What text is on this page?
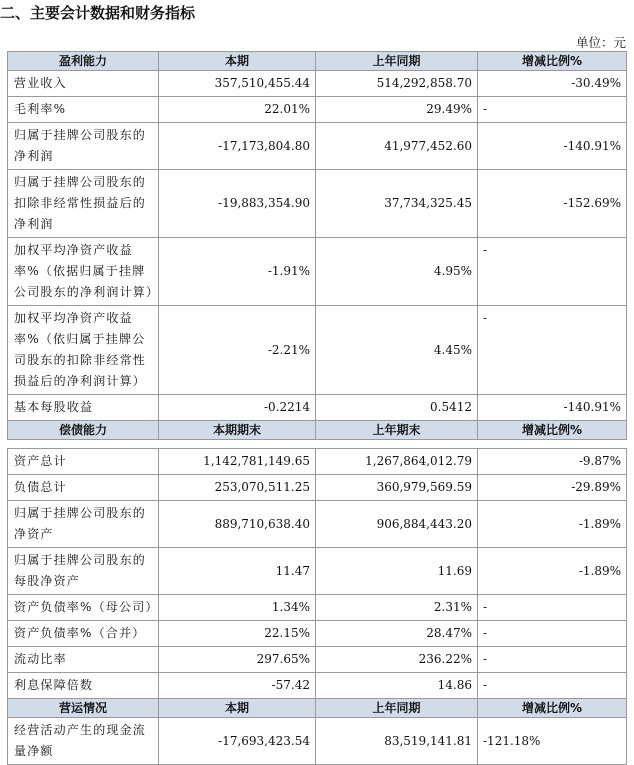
二、主要会计数据和财务指标
单位：元
盈利能力	本期	上年同期	增减比例%
营业收入	357,510,455.44	514,292,858.70	-30.49%
毛利率%	22.01%	29.49%	-
归属于挂牌公司股东的净利润	-17,173,804.80	41,977,452.60	-140.91%
归属于挂牌公司股东的扣除非经常性损益后的净利润	-19,883,354.90	37,734,325.45	-152.69%
加权平均净资产收益率%（依据归属于挂牌公司股东的净利润计算）	-1.91%	4.95%	-
加权平均净资产收益率%（依归属于挂牌公司股东的扣除非经常性损益后的净利润计算）	-2.21%	4.45%	-
基本每股收益	-0.2214	0.5412	-140.91%
偿债能力	本期期末	上年期末	增减比例%

资产总计	1,142,781,149.65	1,267,864,012.79	-9.87%
负债总计	253,070,511.25	360,979,569.59	-29.89%
归属于挂牌公司股东的净资产	889,710,638.40	906,884,443.20	-1.89%
归属于挂牌公司股东的每股净资产	11.47	11.69	-1.89%
资产负债率%（母公司）	1.34%	2.31%	-
资产负债率%（合并）	22.15%	28.47%	-
流动比率	297.65%	236.22%	-
利息保障倍数	-57.42	14.86	-
营运情况	本期	上年同期	增减比例%
经营活动产生的现金流量净额	-17,693,423.54	83,519,141.81	-121.18%
